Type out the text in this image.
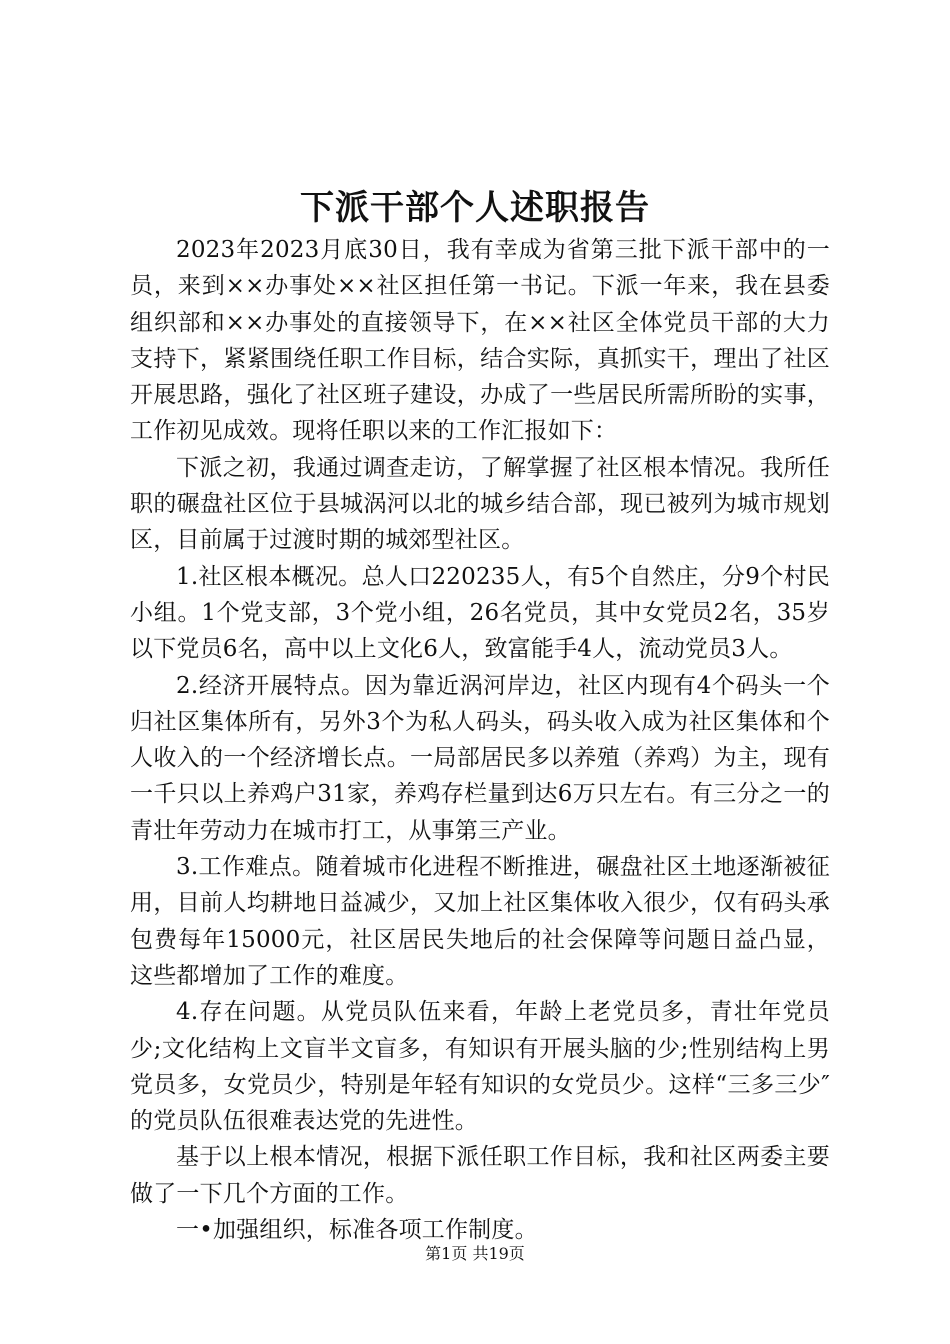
下派干部个人述职报告

2023年2023月底30日，我有幸成为省第三批下派干部中的一员，来到××办事处××社区担任第一书记。下派一年来，我在县委组织部和××办事处的直接领导下，在××社区全体党员干部的大力支持下，紧紧围绕任职工作目标，结合实际，真抓实干，理出了社区开展思路，强化了社区班子建设，办成了一些居民所需所盼的实事，工作初见成效。现将任职以来的工作汇报如下：

下派之初，我通过调查走访，了解掌握了社区根本情况。我所任职的碾盘社区位于县城涡河以北的城乡结合部，现已被列为城市规划区，目前属于过渡时期的城郊型社区。

1.社区根本概况。总人口220235人，有5个自然庄，分9个村民小组。1个党支部，3个党小组，26名党员，其中女党员2名，35岁以下党员6名，高中以上文化6人，致富能手4人，流动党员3人。

2.经济开展特点。因为靠近涡河岸边，社区内现有4个码头一个归社区集体所有，另外3个为私人码头，码头收入成为社区集体和个人收入的一个经济增长点。一局部居民多以养殖（养鸡）为主，现有一千只以上养鸡户31家，养鸡存栏量到达6万只左右。有三分之一的青壮年劳动力在城市打工，从事第三产业。

3.工作难点。随着城市化进程不断推进，碾盘社区土地逐渐被征用，目前人均耕地日益减少，又加上社区集体收入很少，仅有码头承包费每年15000元，社区居民失地后的社会保障等问题日益凸显，这些都增加了工作的难度。

4.存在问题。从党员队伍来看，年龄上老党员多，青壮年党员少;文化结构上文盲半文盲多，有知识有开展头脑的少;性别结构上男党员多，女党员少，特别是年轻有知识的女党员少。这样“三多三少″的党员队伍很难表达党的先进性。

基于以上根本情况，根据下派任职工作目标，我和社区两委主要做了一下几个方面的工作。

一•加强组织，标准各项工作制度。

第1页 共19页
